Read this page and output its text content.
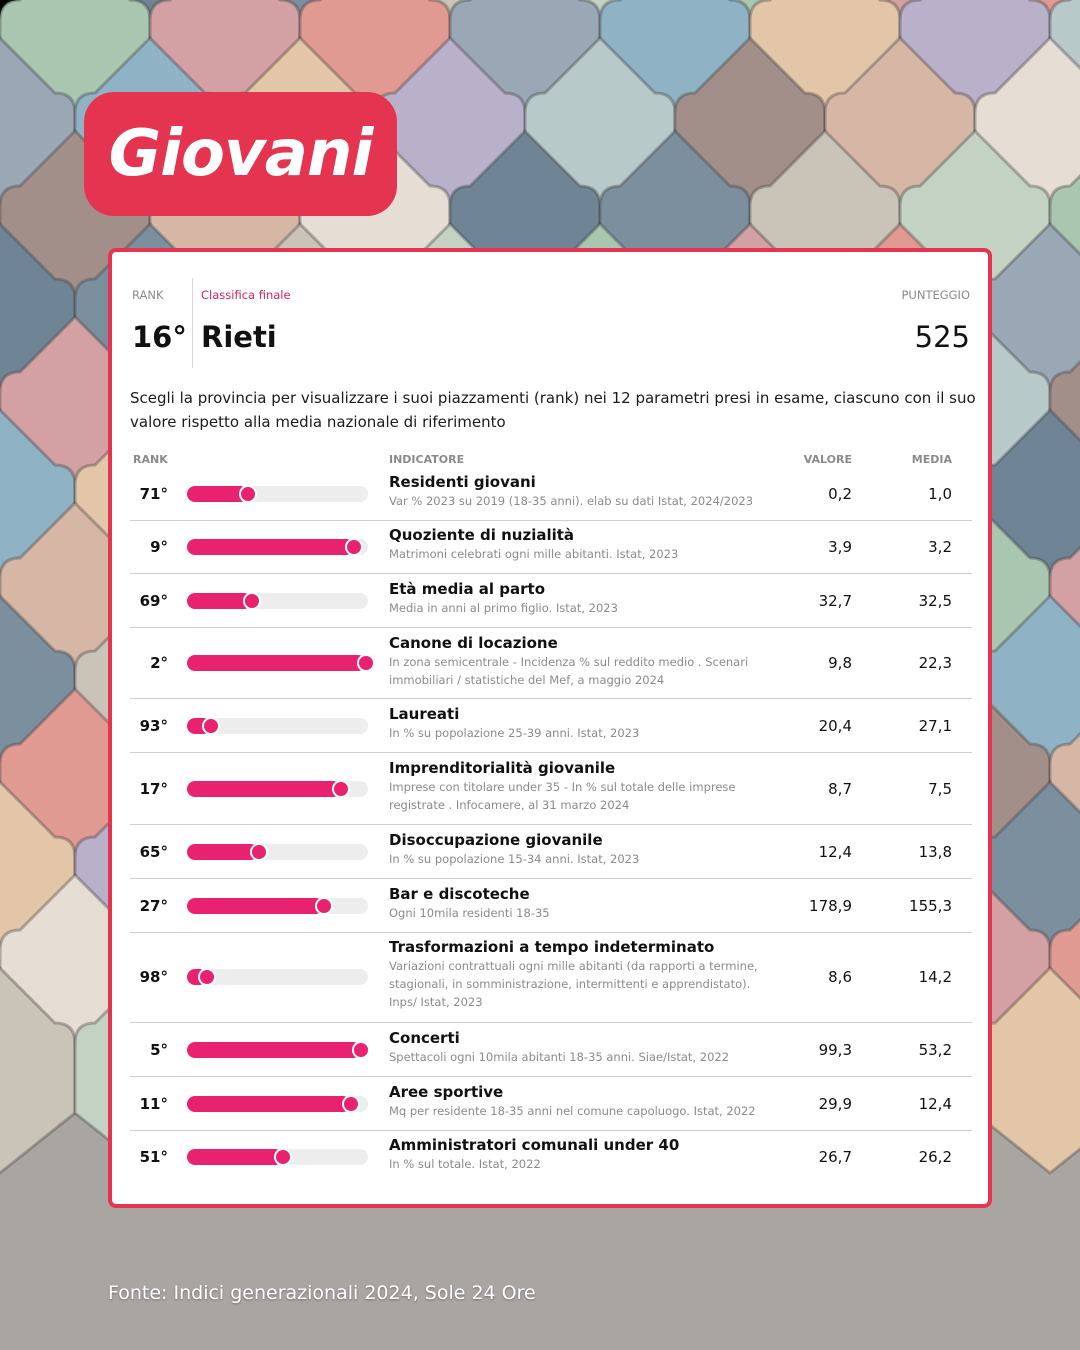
Giovani
RANK	Classifica finale	PUNTEGGIO
16° Rieti	525
Scegli la provincia per visualizzare i suoi piazzamenti (rank) nei 12 parametri presi in esame, ciascuno con il suo valore rispetto alla media nazionale di riferimento
RANK	INDICATORE	VALORE	MEDIA
71°
Residenti giovani
Var % 2023 su 2019 (18-35 anni). elab su dati Istat, 2024/2023	0,2	1,0
9°
Quoziente di nuzialità
Matrimoni celebrati ogni mille abitanti. Istat, 2023	3,9	3,2
69°
Età media al parto
Media in anni al primo figlio. Istat, 2023	32,7	32,5
2°
Canone di locazione
In zona semicentrale - Incidenza % sul reddito medio . Scenari immobiliari / statistiche del Mef, a maggio 2024
9,8	22,3
93°
Laureati
In % su popolazione 25-39 anni. Istat, 2023	20,4	27,1
17°
Imprenditorialità giovanile
Imprese con titolare under 35 - In % sul totale delle imprese registrate . Infocamere, al 31 marzo 2024
8,7	7,5
65°
Disoccupazione giovanile
In % su popolazione 15-34 anni. Istat, 2023	12,4	13,8
27°
Bar e discoteche
Ogni 10mila residenti 18-35	178,9	155,3
98°
Trasformazioni a tempo indeterminato
Variazioni contrattuali ogni mille abitanti (da rapporti a termine, stagionali, in somministrazione, intermittenti e apprendistato). Inps/ Istat, 2023
8,6	14,2
5°
Concerti
Spettacoli ogni 10mila abitanti 18-35 anni. Siae/Istat, 2022	99,3	53,2
11°
Aree sportive
Mq per residente 18-35 anni nel comune capoluogo. Istat, 2022	29,9	12,4
51°
Amministratori comunali under 40
In % sul totale. Istat, 2022	26,7	26,2
Fonte: Indici generazionali 2024, Sole 24 Ore
